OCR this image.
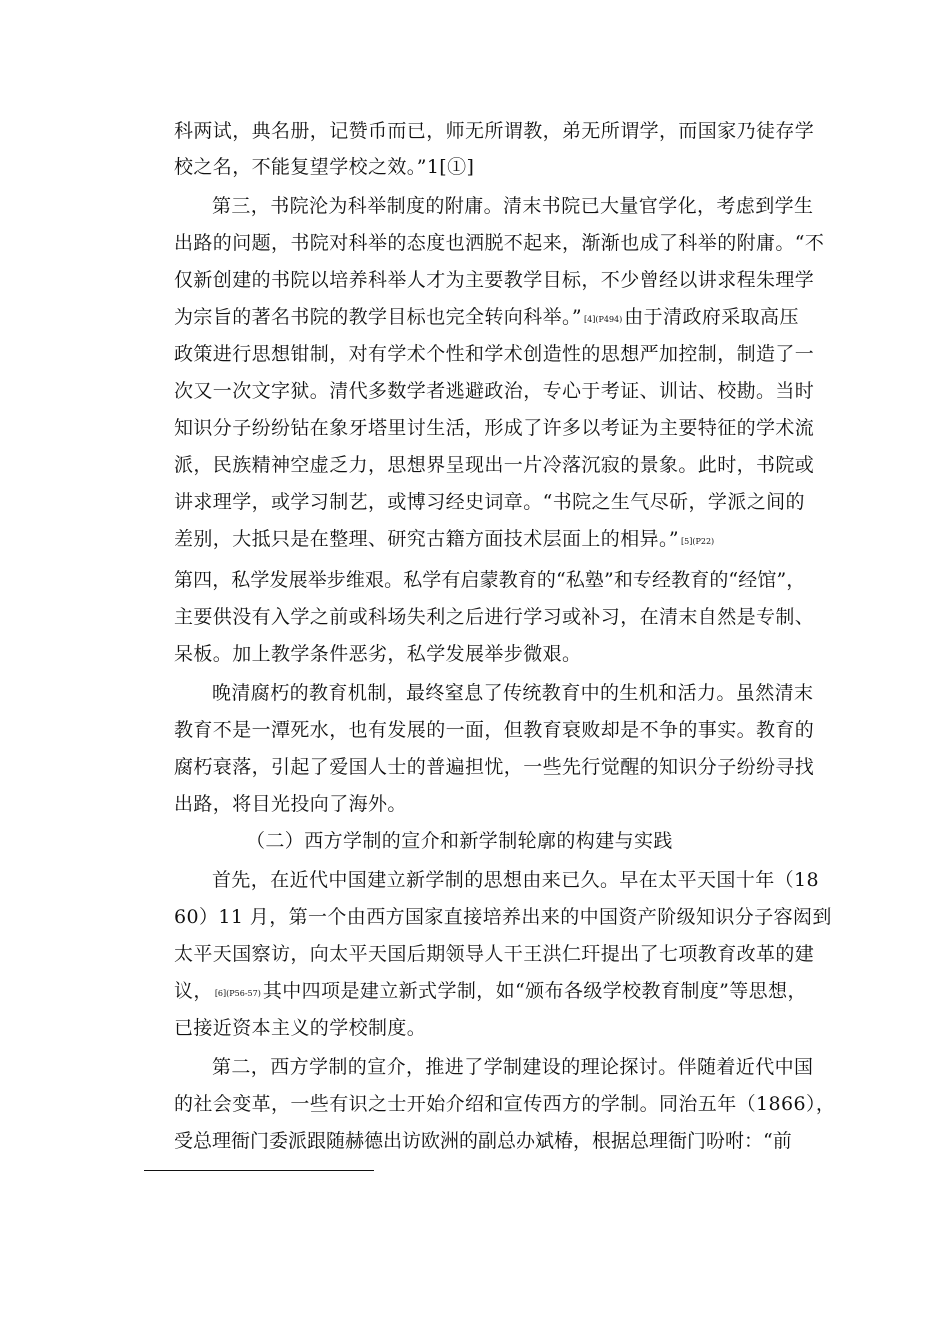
科两试，典名册，记赞币而已，师无所谓教，弟无所谓学，而国家乃徒存学
校之名，不能复望学校之效。”1[①]
第三，书院沦为科举制度的附庸。清末书院已大量官学化，考虑到学生
出路的问题，书院对科举的态度也洒脱不起来，渐渐也成了科举的附庸。“不
仅新创建的书院以培养科举人才为主要教学目标，不少曾经以讲求程朱理学
为宗旨的著名书院的教学目标也完全转向科举。” $^{[4](P494)}$ 由于清政府采取高压
政策进行思想钳制，对有学术个性和学术创造性的思想严加控制，制造了一
次又一次文字狱。清代多数学者逃避政治，专心于考证、训诂、校勘。当时
知识分子纷纷钻在象牙塔里讨生活，形成了许多以考证为主要特征的学术流
派，民族精神空虚乏力，思想界呈现出一片冷落沉寂的景象。此时，书院或
讲求理学，或学习制艺，或博习经史词章。“书院之生气尽斫，学派之间的
差别，大抵只是在整理、研究古籍方面技术层面上的相异。” $^{[5](P22)}$
第四，私学发展举步维艰。私学有启蒙教育的“私塾”和专经教育的“经馆”，
主要供没有入学之前或科场失利之后进行学习或补习，在清末自然是专制、
呆板。加上教学条件恶劣，私学发展举步微艰。
晚清腐朽的教育机制，最终窒息了传统教育中的生机和活力。虽然清末
教育不是一潭死水，也有发展的一面，但教育衰败却是不争的事实。教育的
腐朽衰落，引起了爱国人士的普遍担忧，一些先行觉醒的知识分子纷纷寻找
出路，将目光投向了海外。
（二）西方学制的宣介和新学制轮廓的构建与实践
首先，在近代中国建立新学制的思想由来已久。早在太平天国十年（18
60）11 月，第一个由西方国家直接培养出来的中国资产阶级知识分子容闳到
太平天国察访，向太平天国后期领导人干王洪仁玕提出了七项教育改革的建
议， $^{[6](P56-57)}$ 其中四项是建立新式学制，如“颁布各级学校教育制度”等思想，
已接近资本主义的学校制度。
第二，西方学制的宣介，推进了学制建设的理论探讨。伴随着近代中国
的社会变革，一些有识之士开始介绍和宣传西方的学制。同治五年（1866），
受总理衙门委派跟随赫德出访欧洲的副总办斌椿，根据总理衙门吩咐：“前
